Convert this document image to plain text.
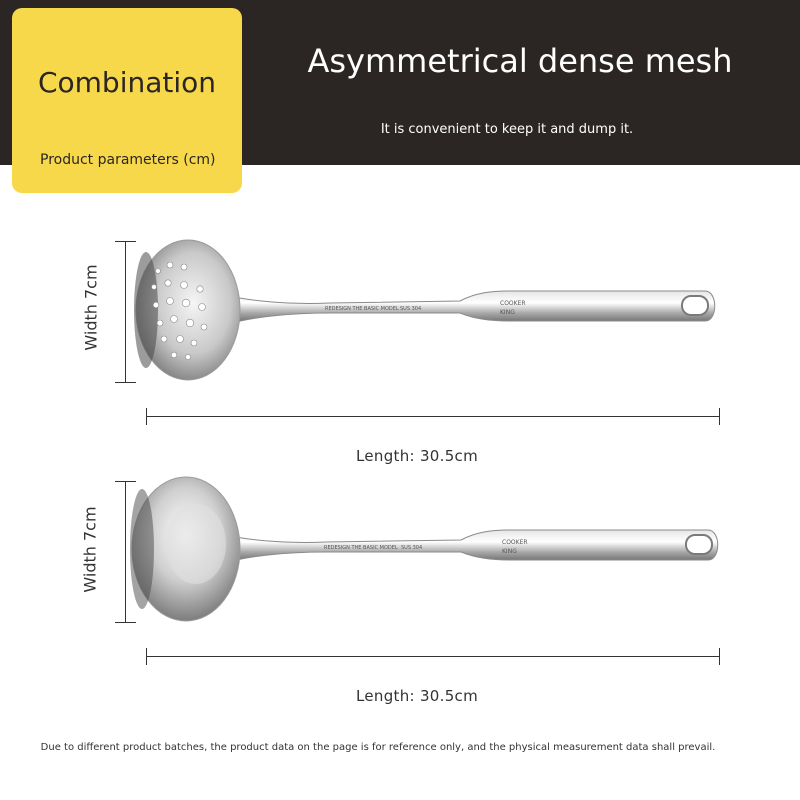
Combination
Product parameters (cm)
Asymmetrical dense mesh
It is convenient to keep it and dump it.
Width 7cm	REDESIGN THE BASIC MODEL SUS 304
COOKER
KING
Length: 30.5cm
Width 7cm	REDESIGN THE BASIC MODEL SUS 304
COOKER
KING
Length: 30.5cm
Due to different product batches, the product data on the page is for reference only, and the physical measurement data shall prevail.
